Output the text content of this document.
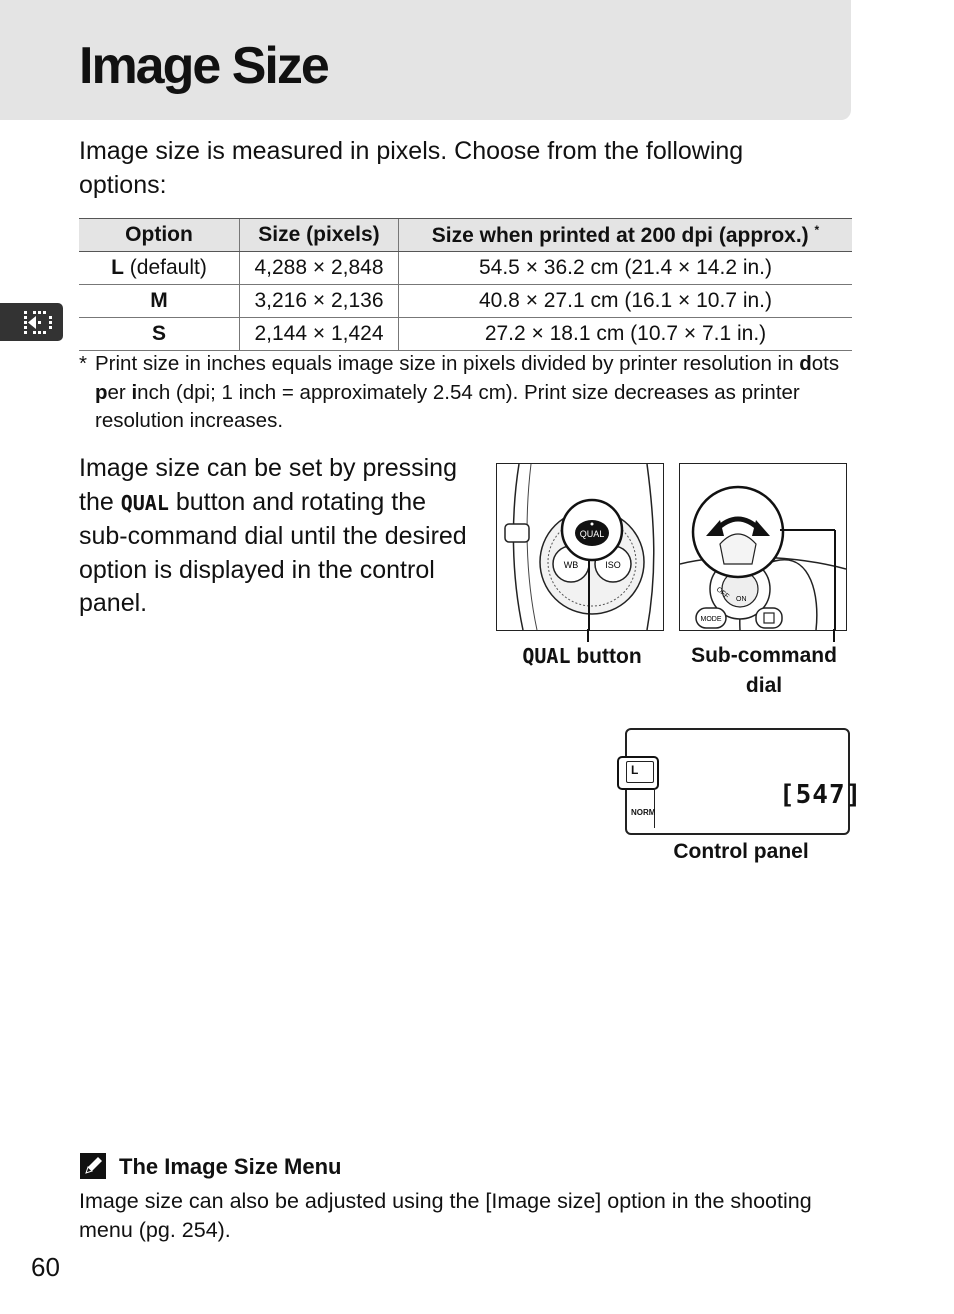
Image Size

Image size is measured in pixels. Choose from the following options:

Option	Size (pixels)	Size when printed at 200 dpi (approx.) *
L (default)	4,288 × 2,848	54.5 × 36.2 cm (21.4 × 14.2 in.)
M	3,216 × 2,136	40.8 × 27.1 cm (16.1 × 10.7 in.)
S	2,144 × 1,424	27.2 × 18.1 cm (10.7 × 7.1 in.)
* Print size in inches equals image size in pixels divided by printer resolution in dots per inch (dpi; 1 inch = approximately 2.54 cm). Print size decreases as printer resolution increases.

Image size can be set by pressing the QUAL button and rotating the sub-command dial until the desired option is displayed in the control panel.

WB	ISO
QUAL
OFF ON
MODE
QUAL button	Sub-command
dial
L
NORM
[547]
Control panel
The Image Size Menu

Image size can also be adjusted using the [Image size] option in the shooting menu (pg. 254).

60
